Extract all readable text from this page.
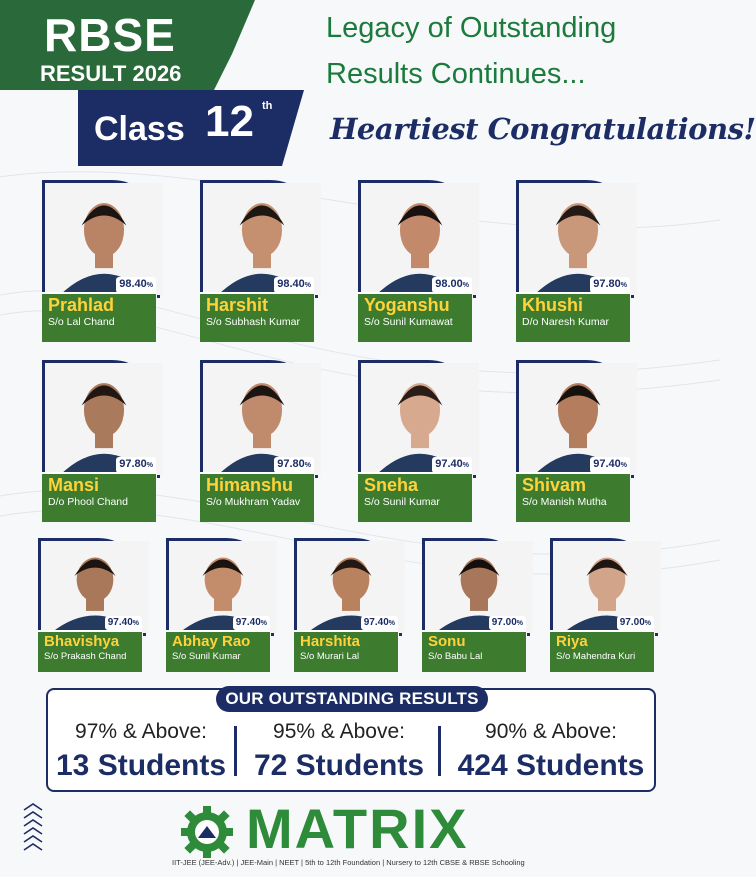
RBSE
RESULT 2026
Class 12 th
Legacy of Outstanding
Results Continues...
Heartiest Congratulations!
Prahlad
S/o Lal Chand
98.40%
Harshit
S/o Subhash Kumar
98.40%
Yoganshu
S/o Sunil Kumawat
98.00%
Khushi
D/o Naresh Kumar
97.80%
Mansi
D/o Phool Chand
97.80%
Himanshu
S/o Mukhram Yadav
97.80%
Sneha
S/o Sunil Kumar
97.40%
Shivam
S/o Manish Mutha
97.40%
Bhavishya
S/o Prakash Chand
97.40%
Abhay Rao
S/o Sunil Kumar
97.40%
Harshita
S/o Murari Lal
97.40%
Sonu
S/o Babu Lal
97.00%
Riya
S/o Mahendra Kuri
97.00%
OUR OUTSTANDING RESULTS
97% & Above:
13 Students
95% & Above:
72 Students
90% & Above:
424 Students
MATRIX
IIT-JEE (JEE-Adv.) | JEE-Main | NEET | 5th to 12th Foundation | Nursery to 12th CBSE & RBSE Schooling
